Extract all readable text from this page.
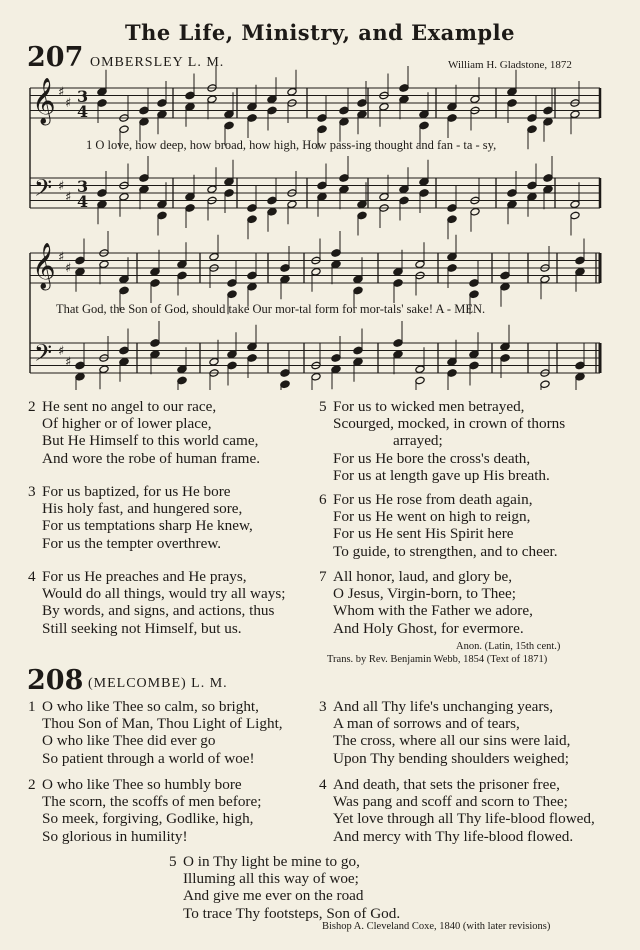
The Life, Ministry, and Example
207 OMBERSLEY L. M.	William H. Gladstone, 1872
𝄞
𝄢
♯
♯
♯
♯
3
4
3
4
𝄞
𝄢
♯
♯
♯
♯
1 O love, how deep, how broad, how high, How pass-ing thought and fan - ta - sy,
That God, the Son of God, should take Our mor-tal form for mor-tals' sake! A - MEN.
2 He sent no angel to our race,
Of higher or of lower place,
But He Himself to this world came,
And wore the robe of human frame.
3 For us baptized, for us He bore
His holy fast, and hungered sore,
For us temptations sharp He knew,
For us the tempter overthrew.
4 For us He preaches and He prays,
Would do all things, would try all ways;
By words, and signs, and actions, thus
Still seeking not Himself, but us.
5 For us to wicked men betrayed,
Scourged, mocked, in crown of thorns
arrayed;
For us He bore the cross's death,
For us at length gave up His breath.
6 For us He rose from death again,
For us He went on high to reign,
For us He sent His Spirit here
To guide, to strengthen, and to cheer.
7 All honor, laud, and glory be,
O Jesus, Virgin-born, to Thee;
Whom with the Father we adore,
And Holy Ghost, for evermore.
Anon. (Latin, 15th cent.)
Trans. by Rev. Benjamin Webb, 1854 (Text of 1871)
208 (MELCOMBE) L. M.
1 O who like Thee so calm, so bright,
Thou Son of Man, Thou Light of Light,
O who like Thee did ever go
So patient through a world of woe!
2 O who like Thee so humbly bore
The scorn, the scoffs of men before;
So meek, forgiving, Godlike, high,
So glorious in humility!
3 And all Thy life's unchanging years,
A man of sorrows and of tears,
The cross, where all our sins were laid,
Upon Thy bending shoulders weighed;
4 And death, that sets the prisoner free,
Was pang and scoff and scorn to Thee;
Yet love through all Thy life-blood flowed,
And mercy with Thy life-blood flowed.
5 O in Thy light be mine to go,
Illuming all this way of woe;
And give me ever on the road
To trace Thy footsteps, Son of God.
Bishop A. Cleveland Coxe, 1840 (with later revisions)
